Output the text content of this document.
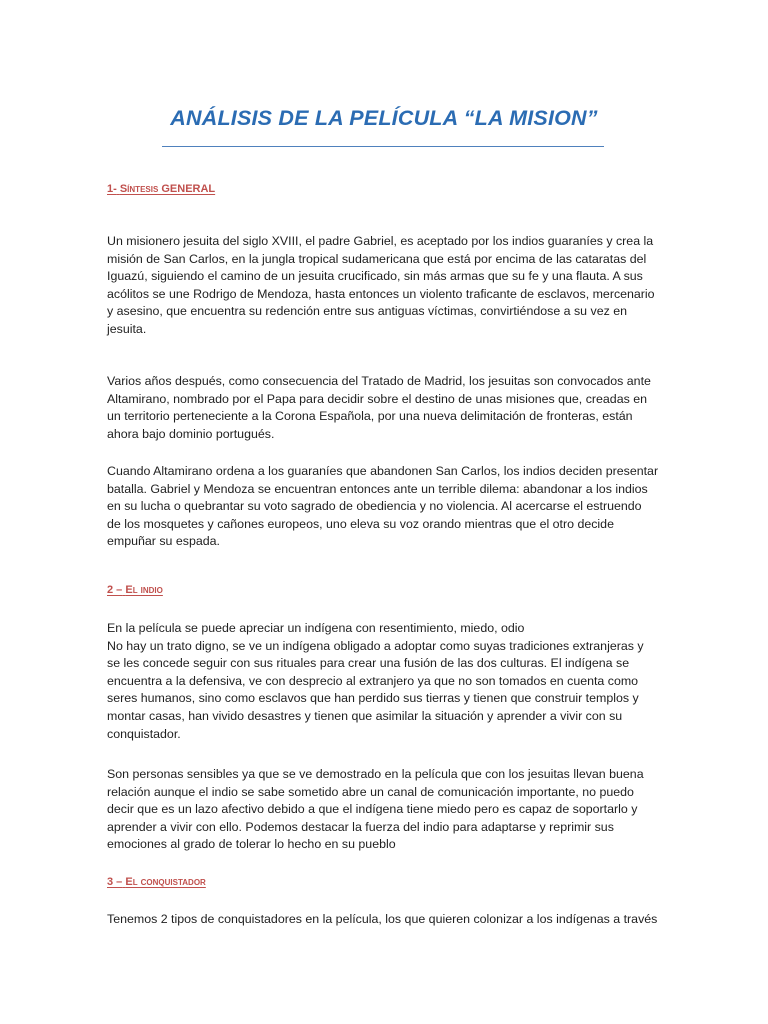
ANÁLISIS DE LA PELÍCULA “LA MISION”
1- Síntesis GENERAL

Un misionero jesuita del siglo XVIII, el padre Gabriel, es aceptado por los indios guaraníes y crea la
misión de San Carlos, en la jungla tropical sudamericana que está por encima de las cataratas del
Iguazú, siguiendo el camino de un jesuita crucificado, sin más armas que su fe y una flauta. A sus
acólitos se une Rodrigo de Mendoza, hasta entonces un violento traficante de esclavos, mercenario
y asesino, que encuentra su redención entre sus antiguas víctimas, convirtiéndose a su vez en
jesuita.

Varios años después, como consecuencia del Tratado de Madrid, los jesuitas son convocados ante
Altamirano, nombrado por el Papa para decidir sobre el destino de unas misiones que, creadas en
un territorio perteneciente a la Corona Española, por una nueva delimitación de fronteras, están
ahora bajo dominio portugués.

Cuando Altamirano ordena a los guaraníes que abandonen San Carlos, los indios deciden presentar
batalla. Gabriel y Mendoza se encuentran entonces ante un terrible dilema: abandonar a los indios
en su lucha o quebrantar su voto sagrado de obediencia y no violencia. Al acercarse el estruendo
de los mosquetes y cañones europeos, uno eleva su voz orando mientras que el otro decide
empuñar su espada.

2 – El indio

En la película se puede apreciar un indígena con resentimiento, miedo, odio
No hay un trato digno, se ve un indígena obligado a adoptar como suyas tradiciones extranjeras y
se les concede seguir con sus rituales para crear una fusión de las dos culturas. El indígena se
encuentra a la defensiva, ve con desprecio al extranjero ya que no son tomados en cuenta como
seres humanos, sino como esclavos que han perdido sus tierras y tienen que construir templos y
montar casas, han vivido desastres y tienen que asimilar la situación y aprender a vivir con su
conquistador.

Son personas sensibles ya que se ve demostrado en la película que con los jesuitas llevan buena
relación aunque el indio se sabe sometido abre un canal de comunicación importante, no puedo
decir que es un lazo afectivo debido a que el indígena tiene miedo pero es capaz de soportarlo y
aprender a vivir con ello. Podemos destacar la fuerza del indio para adaptarse y reprimir sus
emociones al grado de tolerar lo hecho en su pueblo

3 – El conquistador

Tenemos 2 tipos de conquistadores en la película, los que quieren colonizar a los indígenas a través
